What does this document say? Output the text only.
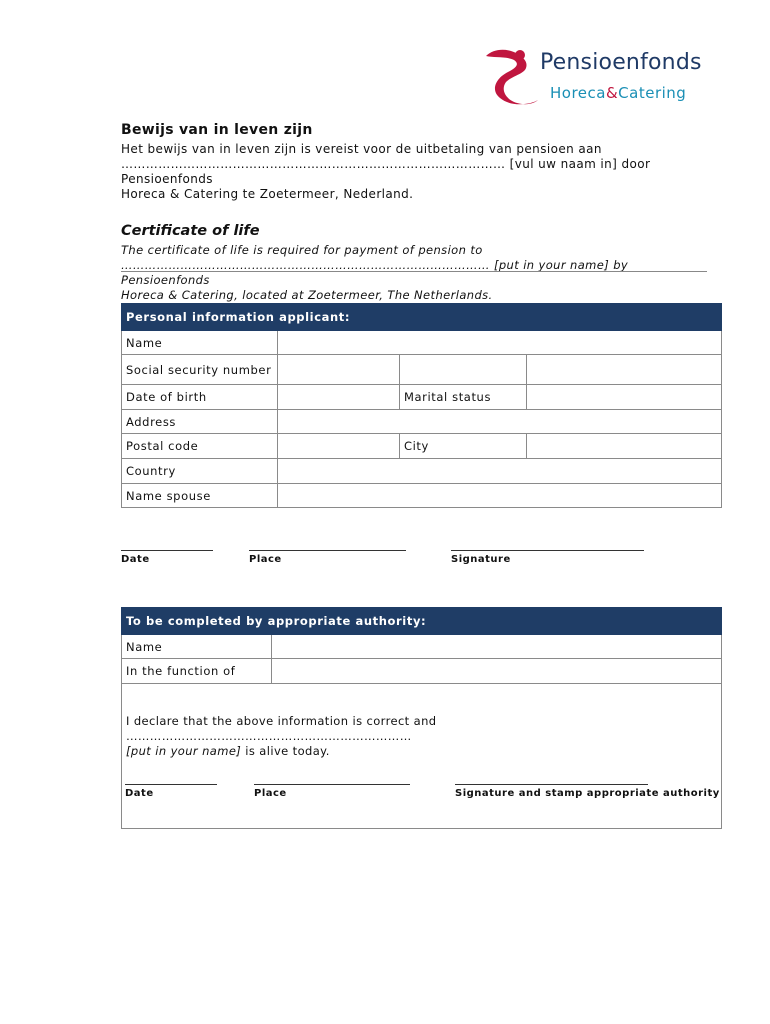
Pensioenfonds
Horeca&Catering

Bewijs van in leven zijn

Het bewijs van in leven zijn is vereist voor de uitbetaling van pensioen aan

………………………………………………………………………………… [vul uw naam in] door Pensioenfonds

Horeca & Catering te Zoetermeer, Nederland.

Certificate of life

The certificate of life is required for payment of pension to

………………………………………………………………………………… [put in your name] by Pensioenfonds

Horeca & Catering, located at Zoetermeer, The Netherlands.

Personal information applicant:			
Name			
Social security number			
Date of birth		Marital status	
Address			
Postal code		City	
Country			
Name spouse			
Date	Place	Signature
To be completed by appropriate authority:	
Name	
In the function of	

I declare that the above information is correct and ………………………………………………………………
[put in your name] is alive today.	
Date	Place	Signature and stamp appropriate authority
